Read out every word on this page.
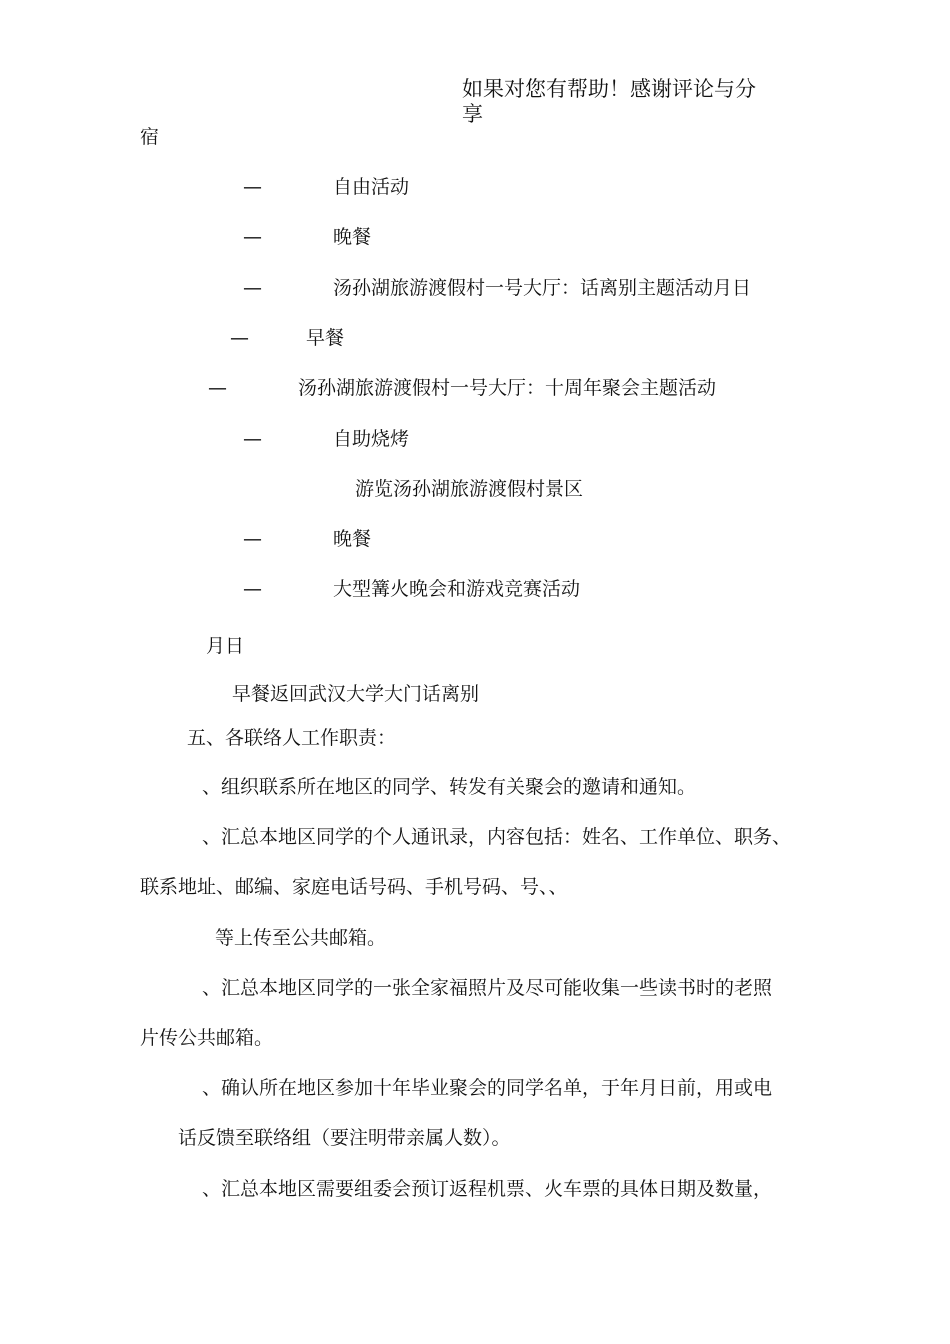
如果对您有帮助！感谢评论与分
享
宿
—	自由活动
—	晚餐
—	汤孙湖旅游渡假村一号大厅：话离别主题活动月日
—	早餐
—	汤孙湖旅游渡假村一号大厅：十周年聚会主题活动
—	自助烧烤
游览汤孙湖旅游渡假村景区
—	晚餐
—	大型篝火晚会和游戏竞赛活动
月日
早餐返回武汉大学大门话离别
五、各联络人工作职责：
、组织联系所在地区的同学、转发有关聚会的邀请和通知。
、汇总本地区同学的个人通讯录，内容包括：姓名、工作单位、职务、
联系地址、邮编、家庭电话号码、手机号码、号、、
等上传至公共邮箱。
、汇总本地区同学的一张全家福照片及尽可能收集一些读书时的老照
片传公共邮箱。
、确认所在地区参加十年毕业聚会的同学名单，于年月日前，用或电
话反馈至联络组（要注明带亲属人数）。
、汇总本地区需要组委会预订返程机票、火车票的具体日期及数量，
